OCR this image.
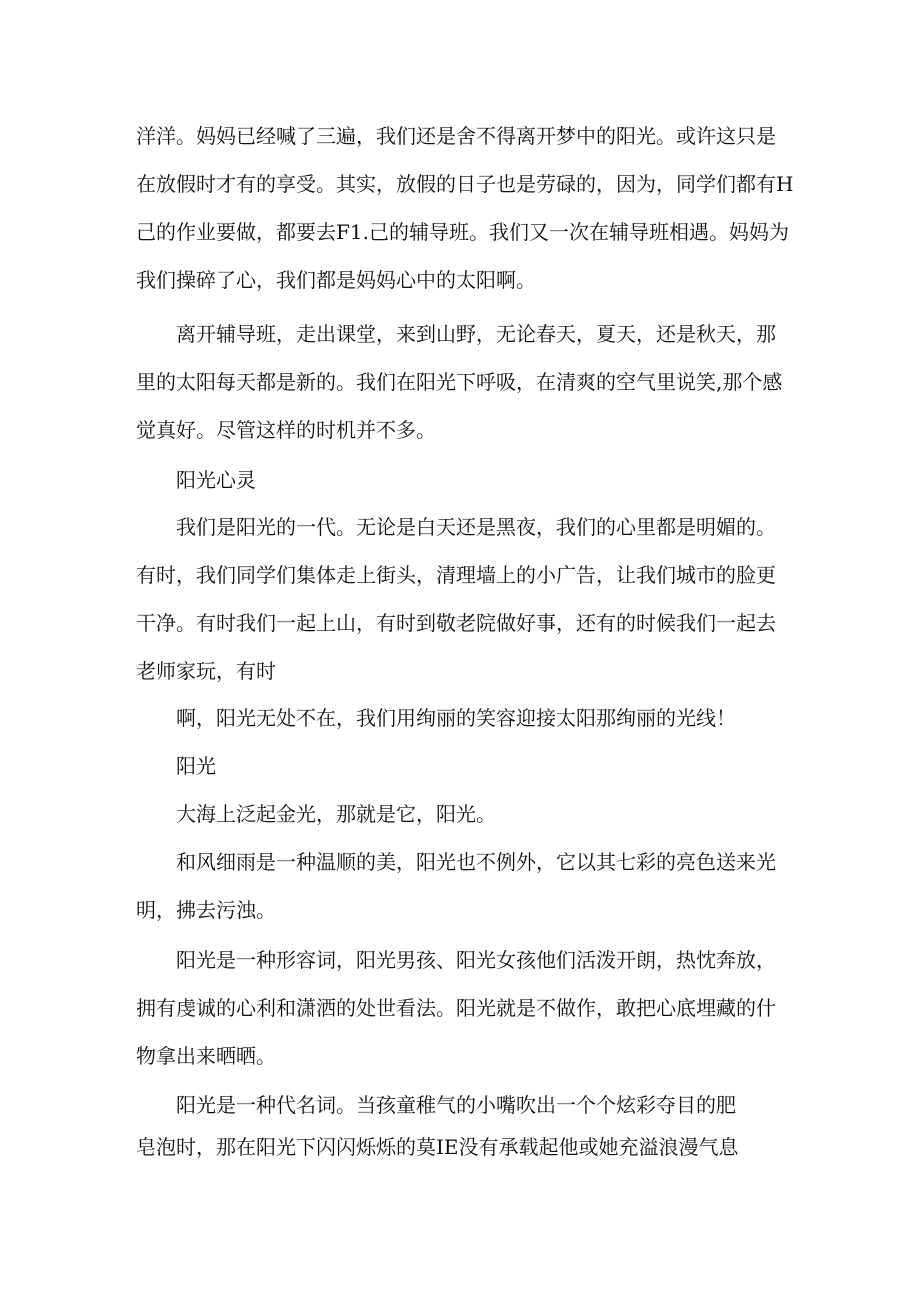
洋洋。妈妈已经喊了三遍，我们还是舍不得离开梦中的阳光。或许这只是
在放假时才有的享受。其实，放假的日子也是劳碌的，因为，同学们都有H
己的作业要做，都要去F1.己的辅导班。我们又一次在辅导班相遇。妈妈为
我们操碎了心，我们都是妈妈心中的太阳啊。

离开辅导班，走出课堂，来到山野，无论春天，夏天，还是秋天，那
里的太阳每天都是新的。我们在阳光下呼吸，在清爽的空气里说笑,那个感
觉真好。尽管这样的时机并不多。

阳光心灵

我们是阳光的一代。无论是白天还是黑夜，我们的心里都是明媚的。
有时，我们同学们集体走上街头，清理墙上的小广告，让我们城市的脸更
干净。有时我们一起上山，有时到敬老院做好事，还有的时候我们一起去
老师家玩，有时

啊，阳光无处不在，我们用绚丽的笑容迎接太阳那绚丽的光线！

阳光

大海上泛起金光，那就是它，阳光。

和风细雨是一种温顺的美，阳光也不例外，它以其七彩的亮色送来光
明，拂去污浊。

阳光是一种形容词，阳光男孩、阳光女孩他们活泼开朗，热忱奔放，
拥有虔诚的心利和潇洒的处世看法。阳光就是不做作，敢把心底埋藏的什
物拿出来晒晒。

阳光是一种代名词。当孩童稚气的小嘴吹出一个个炫彩夺目的肥
皂泡时，那在阳光下闪闪烁烁的莫IE没有承载起他或她充溢浪漫气息
